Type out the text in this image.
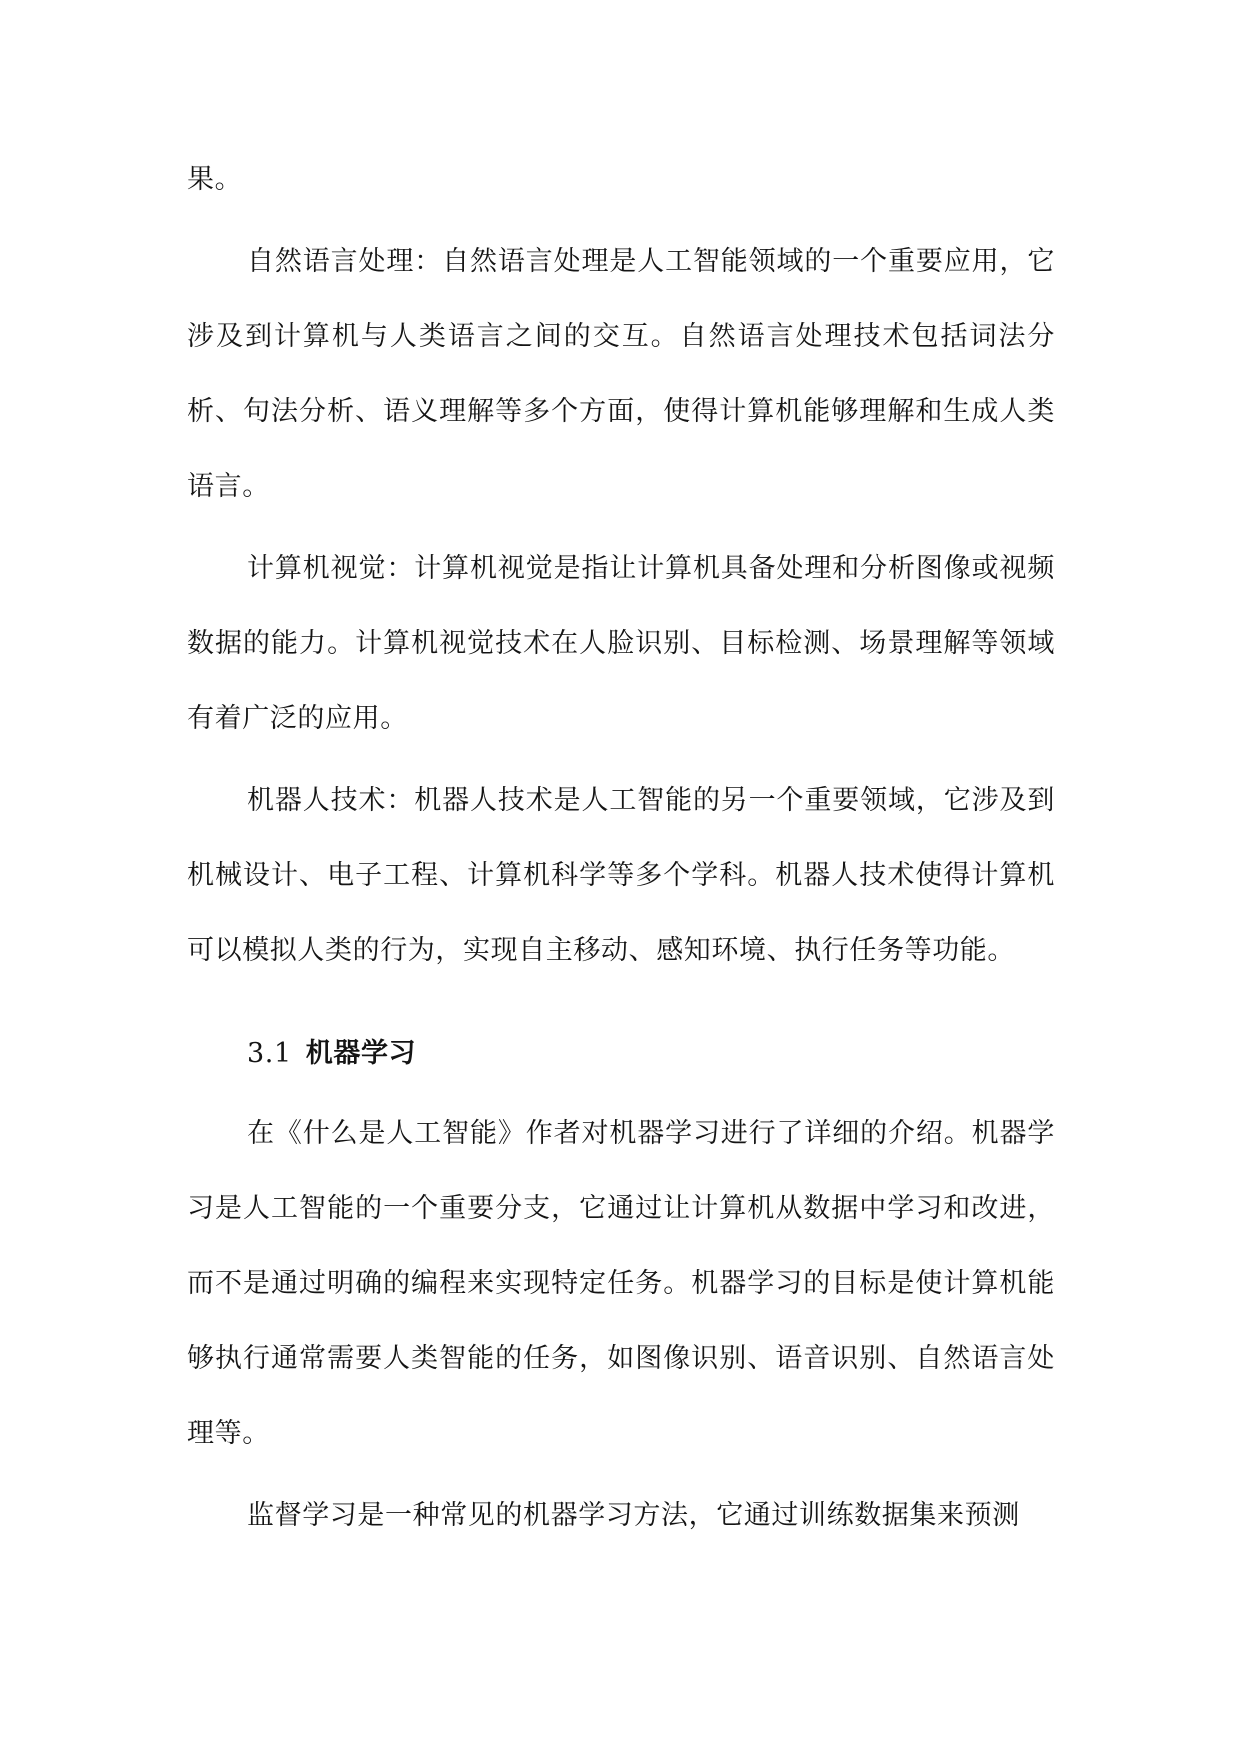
果。

自然语言处理：自然语言处理是人工智能领域的一个重要应用，它涉及到计算机与人类语言之间的交互。自然语言处理技术包括词法分析、句法分析、语义理解等多个方面，使得计算机能够理解和生成人类语言。

计算机视觉：计算机视觉是指让计算机具备处理和分析图像或视频数据的能力。计算机视觉技术在人脸识别、目标检测、场景理解等领域有着广泛的应用。

机器人技术：机器人技术是人工智能的另一个重要领域，它涉及到机械设计、电子工程、计算机科学等多个学科。机器人技术使得计算机可以模拟人类的行为，实现自主移动、感知环境、执行任务等功能。

3.1 机器学习

在《什么是人工智能》作者对机器学习进行了详细的介绍。机器学习是人工智能的一个重要分支，它通过让计算机从数据中学习和改进，而不是通过明确的编程来实现特定任务。机器学习的目标是使计算机能够执行通常需要人类智能的任务，如图像识别、语音识别、自然语言处理等。

监督学习是一种常见的机器学习方法，它通过训练数据集来预测
